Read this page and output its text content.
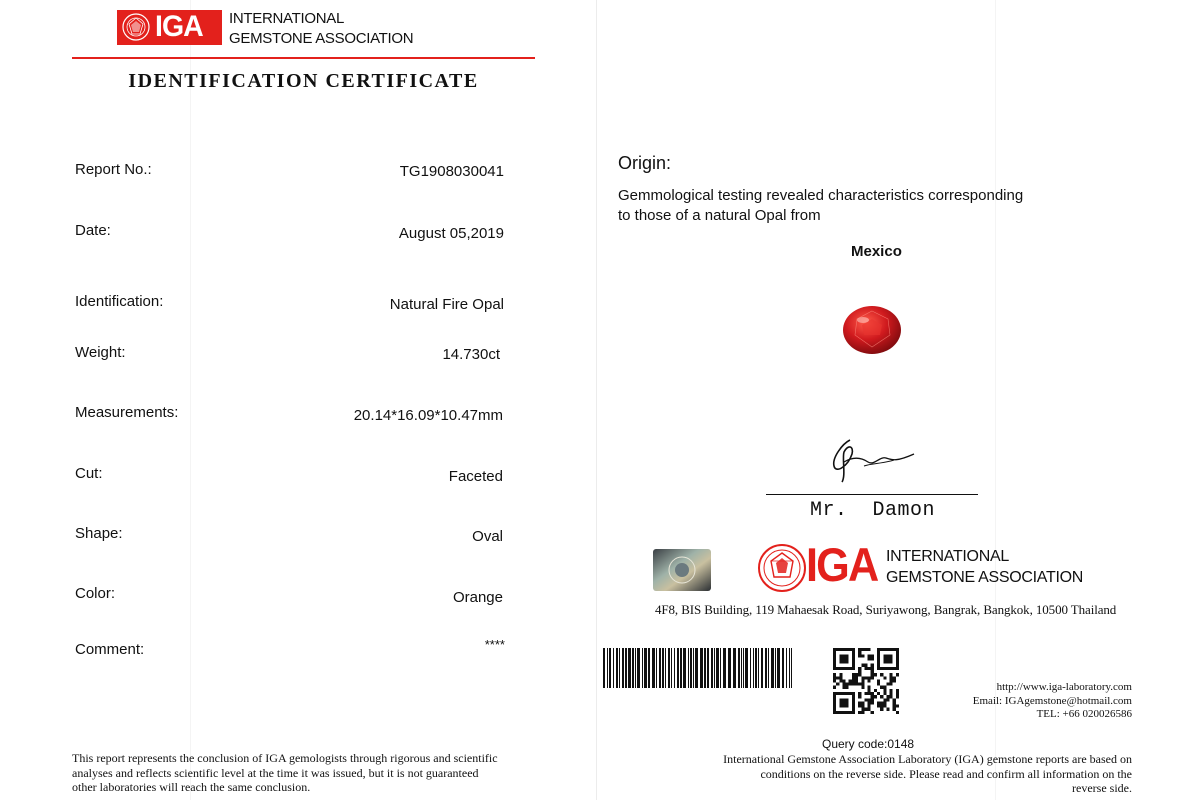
IGA INTERNATIONAL
GEMSTONE ASSOCIATION
IDENTIFICATION CERTIFICATE
Report No.:	TG1908030041
Date:	August 05,2019
Identification:	Natural Fire Opal
Weight:	14.730ct
Measurements:	20.14*16.09*10.47mm
Cut:	Faceted
Shape:	Oval
Color:	Orange
Comment:	****
This report represents the conclusion of IGA gemologists through rigorous and scientific
analyses and reflects scientific level at the time it was issued, but it is not guaranteed
other laboratories will reach the same conclusion.
Origin:
Gemmological testing revealed characteristics corresponding
to those of a natural Opal from
Mexico
Mr.  Damon
IGA INTERNATIONAL
GEMSTONE ASSOCIATION
4F8, BIS Building, 119 Mahaesak Road, Suriyawong, Bangrak, Bangkok, 10500 Thailand
http://www.iga-laboratory.com
Email: IGAgemstone@hotmail.com
TEL: +66 020026586
Query code:0148
International Gemstone Association Laboratory (IGA) gemstone reports are based on
conditions on the reverse side. Please read and confirm all information on the
reverse side.
